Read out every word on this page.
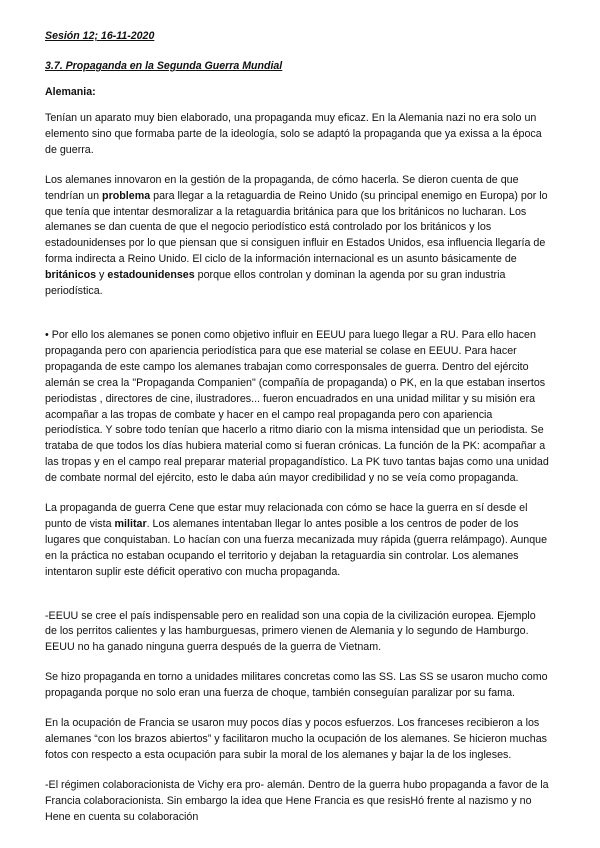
Sesión 12; 16-11-2020
3.7. Propaganda en la Segunda Guerra Mundial
Alemania:

Tenían un aparato muy bien elaborado, una propaganda muy eficaz. En la Alemania nazi no era solo un elemento sino que formaba parte de la ideología, solo se adaptó la propaganda que ya exissa a la época de guerra.

Los alemanes innovaron en la gestión de la propaganda, de cómo hacerla. Se dieron cuenta de que tendrían un problema para llegar a la retaguardia de Reino Unido (su principal enemigo en Europa) por lo que tenía que intentar desmoralizar a la retaguardia británica para que los británicos no lucharan. Los alemanes se dan cuenta de que el negocio periodístico está controlado por los británicos y los estadounidenses por lo que piensan que si consiguen influir en Estados Unidos, esa influencia llegaría de forma indirecta a Reino Unido. El ciclo de la información internacional es un asunto básicamente de británicos y estadounidenses porque ellos controlan y dominan la agenda por su gran industria periodística.

• Por ello los alemanes se ponen como objetivo influir en EEUU para luego llegar a RU. Para ello hacen propaganda pero con apariencia periodística para que ese material se colase en EEUU. Para hacer propaganda de este campo los alemanes trabajan como corresponsales de guerra. Dentro del ejército alemán se crea la "Propaganda Companien" (compañía de propaganda) o PK, en la que estaban insertos periodistas , directores de cine, ilustradores... fueron encuadrados en una unidad militar y su misión era acompañar a las tropas de combate y hacer en el campo real propaganda pero con apariencia periodística. Y sobre todo tenían que hacerlo a ritmo diario con la misma intensidad que un periodista. Se trataba de que todos los días hubiera material como si fueran crónicas. La función de la PK: acompañar a las tropas y en el campo real preparar material propagandístico. La PK tuvo tantas bajas como una unidad de combate normal del ejército, esto le daba aún mayor credibilidad y no se veía como propaganda.

La propaganda de guerra Cene que estar muy relacionada con cómo se hace la guerra en sí desde el punto de vista militar. Los alemanes intentaban llegar lo antes posible a los centros de poder de los lugares que conquistaban. Lo hacían con una fuerza mecanizada muy rápida (guerra relámpago). Aunque en la práctica no estaban ocupando el territorio y dejaban la retaguardia sin controlar. Los alemanes intentaron suplir este déficit operativo con mucha propaganda.

-EEUU se cree el país indispensable pero en realidad son una copia de la civilización europea. Ejemplo de los perritos calientes y las hamburguesas, primero vienen de Alemania y lo segundo de Hamburgo. EEUU no ha ganado ninguna guerra después de la guerra de Vietnam.

Se hizo propaganda en torno a unidades militares concretas como las SS. Las SS se usaron mucho como propaganda porque no solo eran una fuerza de choque, también conseguían paralizar por su fama.

En la ocupación de Francia se usaron muy pocos días y pocos esfuerzos. Los franceses recibieron a los alemanes “con los brazos abiertos” y facilitaron mucho la ocupación de los alemanes. Se hicieron muchas fotos con respecto a esta ocupación para subir la moral de los alemanes y bajar la de los ingleses.

-El régimen colaboracionista de Vichy era pro- alemán. Dentro de la guerra hubo propaganda a favor de la Francia colaboracionista. Sin embargo la idea que Hene Francia es que resisHó frente al nazismo y no Hene en cuenta su colaboración
